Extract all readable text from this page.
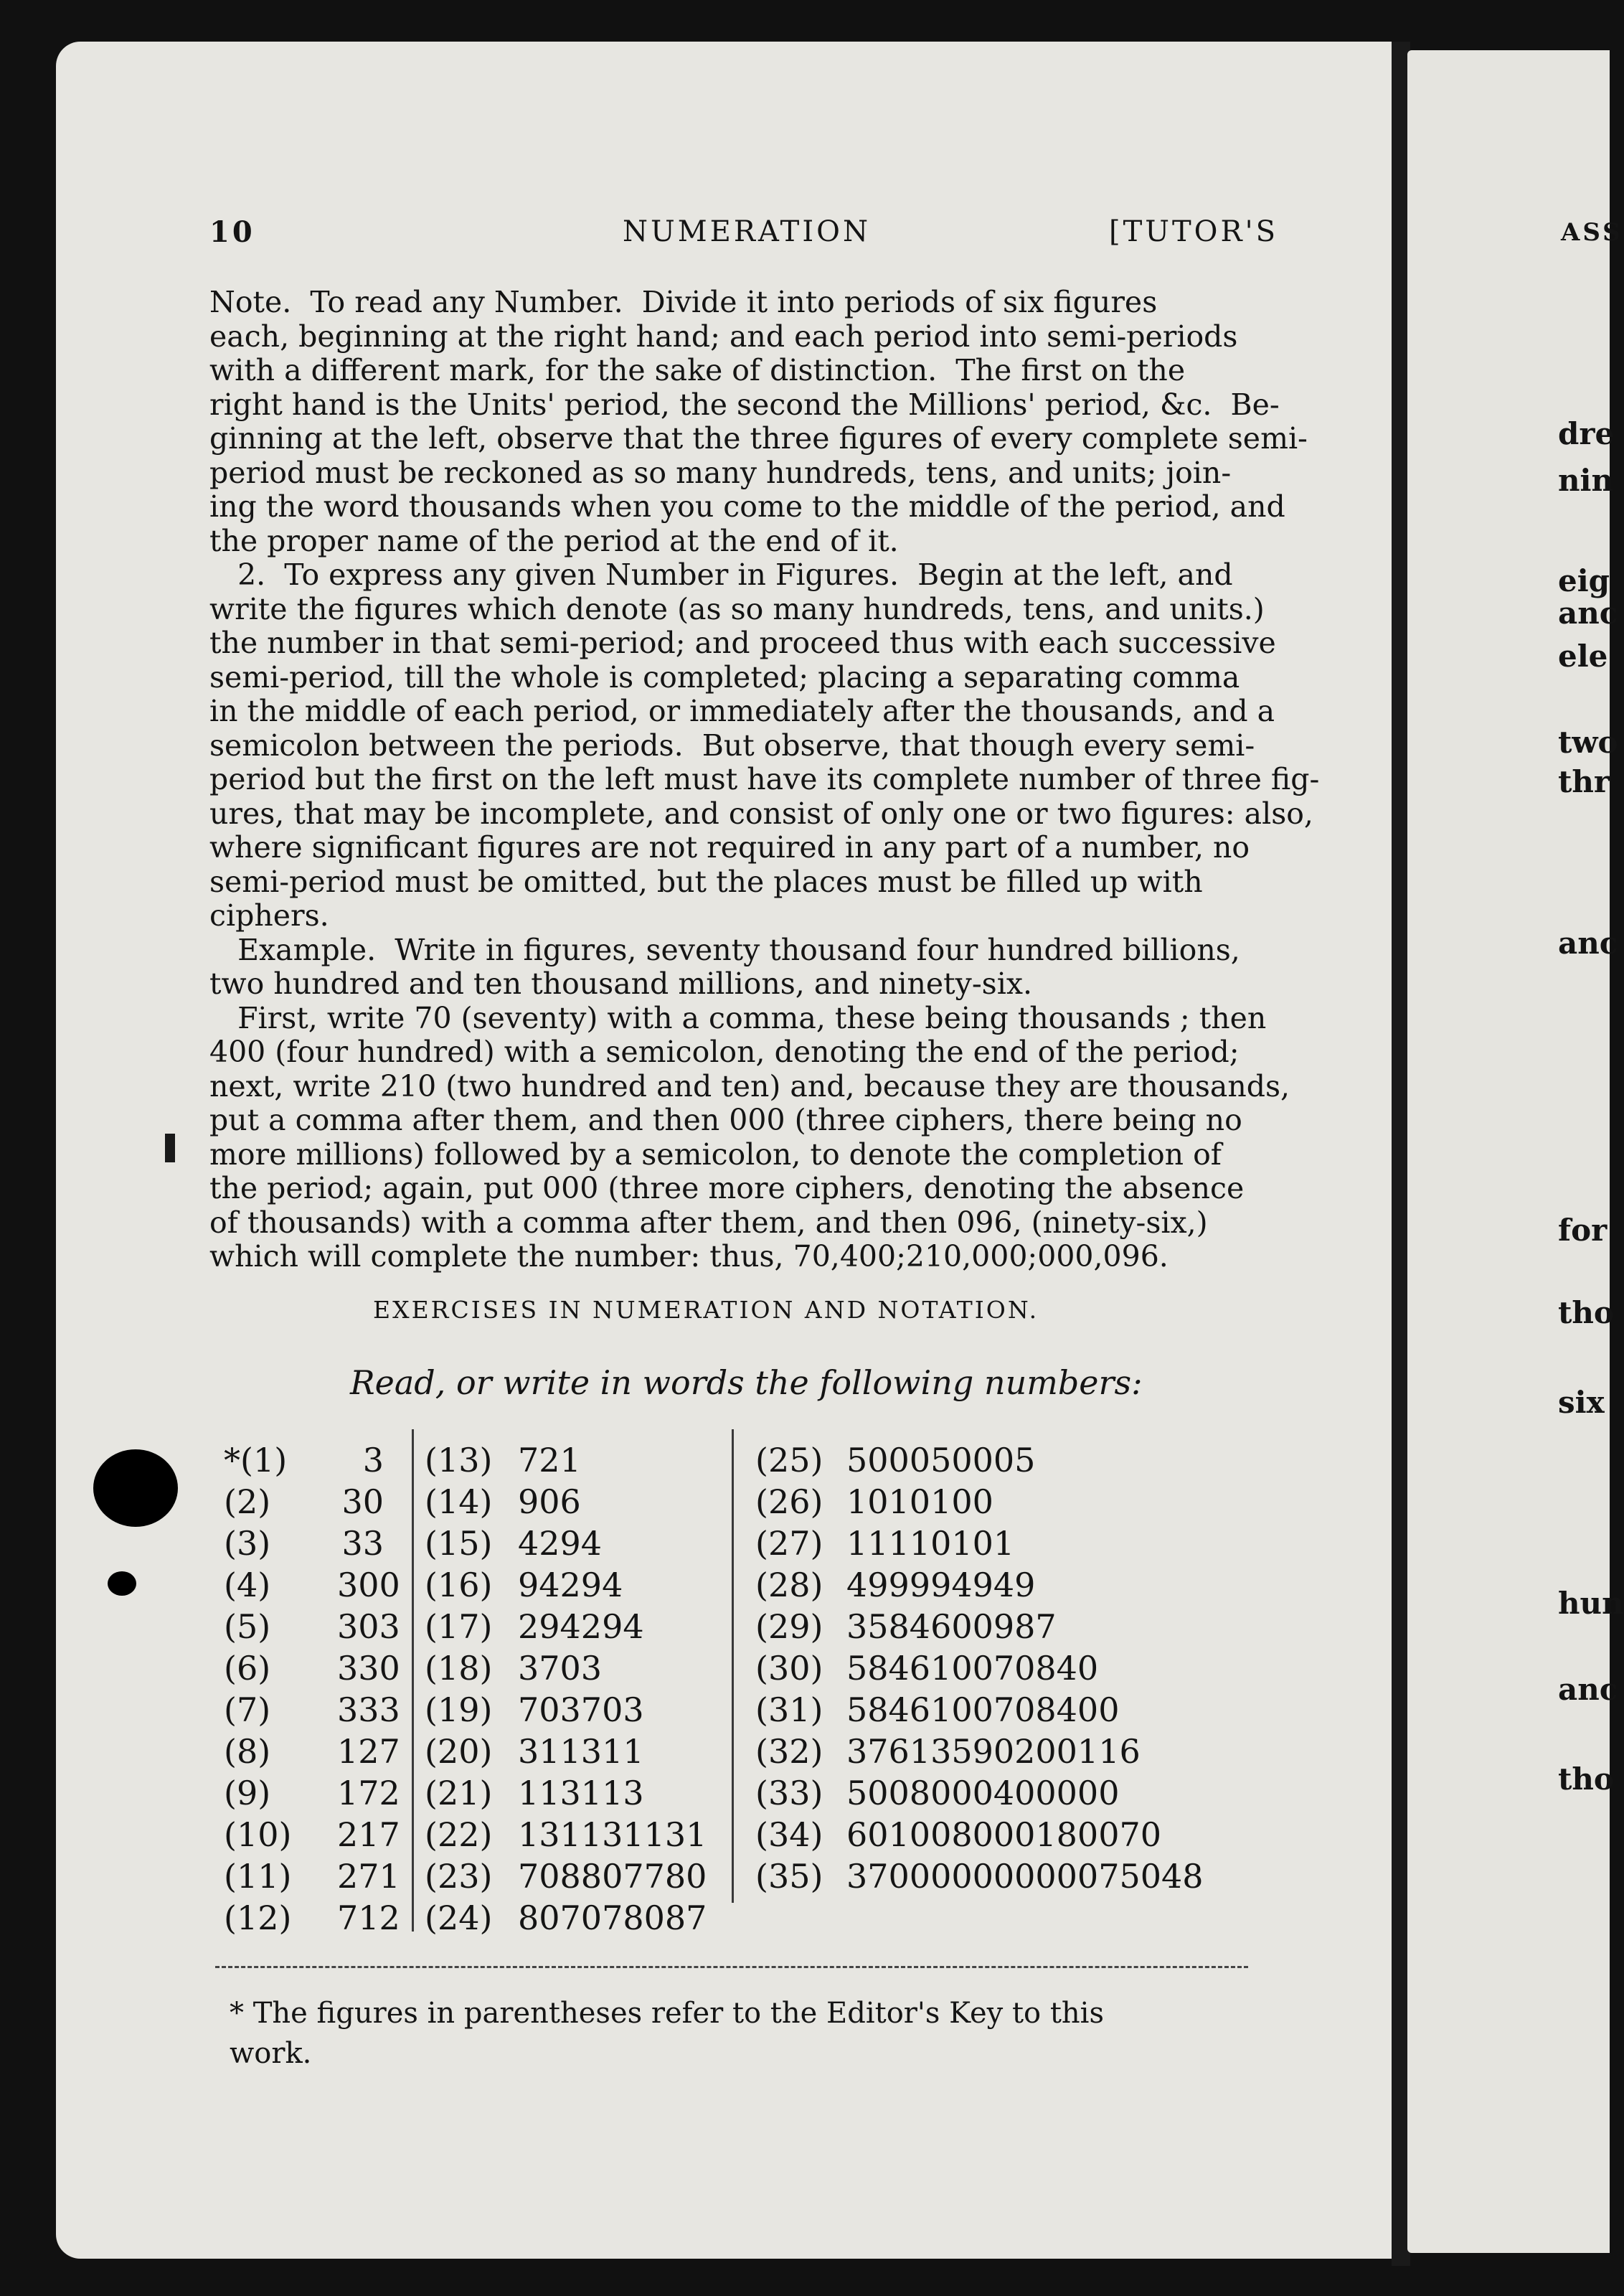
10	NUMERATION	[TUTOR'S	ASS
Note.  To read any Number.  Divide it into periods of six figures
each, beginning at the right hand; and each period into semi-periods
with a different mark, for the sake of distinction.  The first on the
right hand is the Units' period, the second the Millions' period, &c.  Be-
ginning at the left, observe that the three figures of every complete semi-
period must be reckoned as so many hundreds, tens, and units; join-
ing the word thousands when you come to the middle of the period, and
the proper name of the period at the end of it.
2.  To express any given Number in Figures.  Begin at the left, and
write the figures which denote (as so many hundreds, tens, and units.)
the number in that semi-period; and proceed thus with each successive
semi-period, till the whole is completed; placing a separating comma
in the middle of each period, or immediately after the thousands, and a
semicolon between the periods.  But observe, that though every semi-
period but the first on the left must have its complete number of three fig-
ures, that may be incomplete, and consist of only one or two figures: also,
where significant figures are not required in any part of a number, no
semi-period must be omitted, but the places must be filled up with
ciphers.
Example.  Write in figures, seventy thousand four hundred billions,
two hundred and ten thousand millions, and ninety-six.
First, write 70 (seventy) with a comma, these being thousands ; then
400 (four hundred) with a semicolon, denoting the end of the period;
next, write 210 (two hundred and ten) and, because they are thousands,
put a comma after them, and then 000 (three ciphers, there being no
more millions) followed by a semicolon, to denote the completion of
the period; again, put 000 (three more ciphers, denoting the absence
of thousands) with a comma after them, and then 096, (ninety-six,)
which will complete the number: thus, 70,400;210,000;000,096.
EXERCISES IN NUMERATION AND NOTATION.
Read, or write in words the following numbers:
*(1)	3
(2) 30
(3) 33
(4) 300
(5) 303
(6) 330
(7) 333
(8) 127
(9) 172
(10) 217
(11) 271
(12) 712
(13) 721
(14) 906
(15) 4294
(16) 94294
(17) 294294
(18) 3703
(19) 703703
(20) 311311
(21) 113113
(22) 131131131
(23) 708807780
(24) 807078087
(25) 500050005
(26) 1010100
(27) 11110101
(28) 499994949
(29) 3584600987
(30) 584610070840
(31) 5846100708400
(32) 37613590200116
(33) 5008000400000
(34) 601008000180070
(35) 37000000000075048
* The figures in parentheses refer to the Editor's Key to this
work.
dre
nin
eig
anc
ele
two
thr
anc
for
tho
six
hun
anc
tho
